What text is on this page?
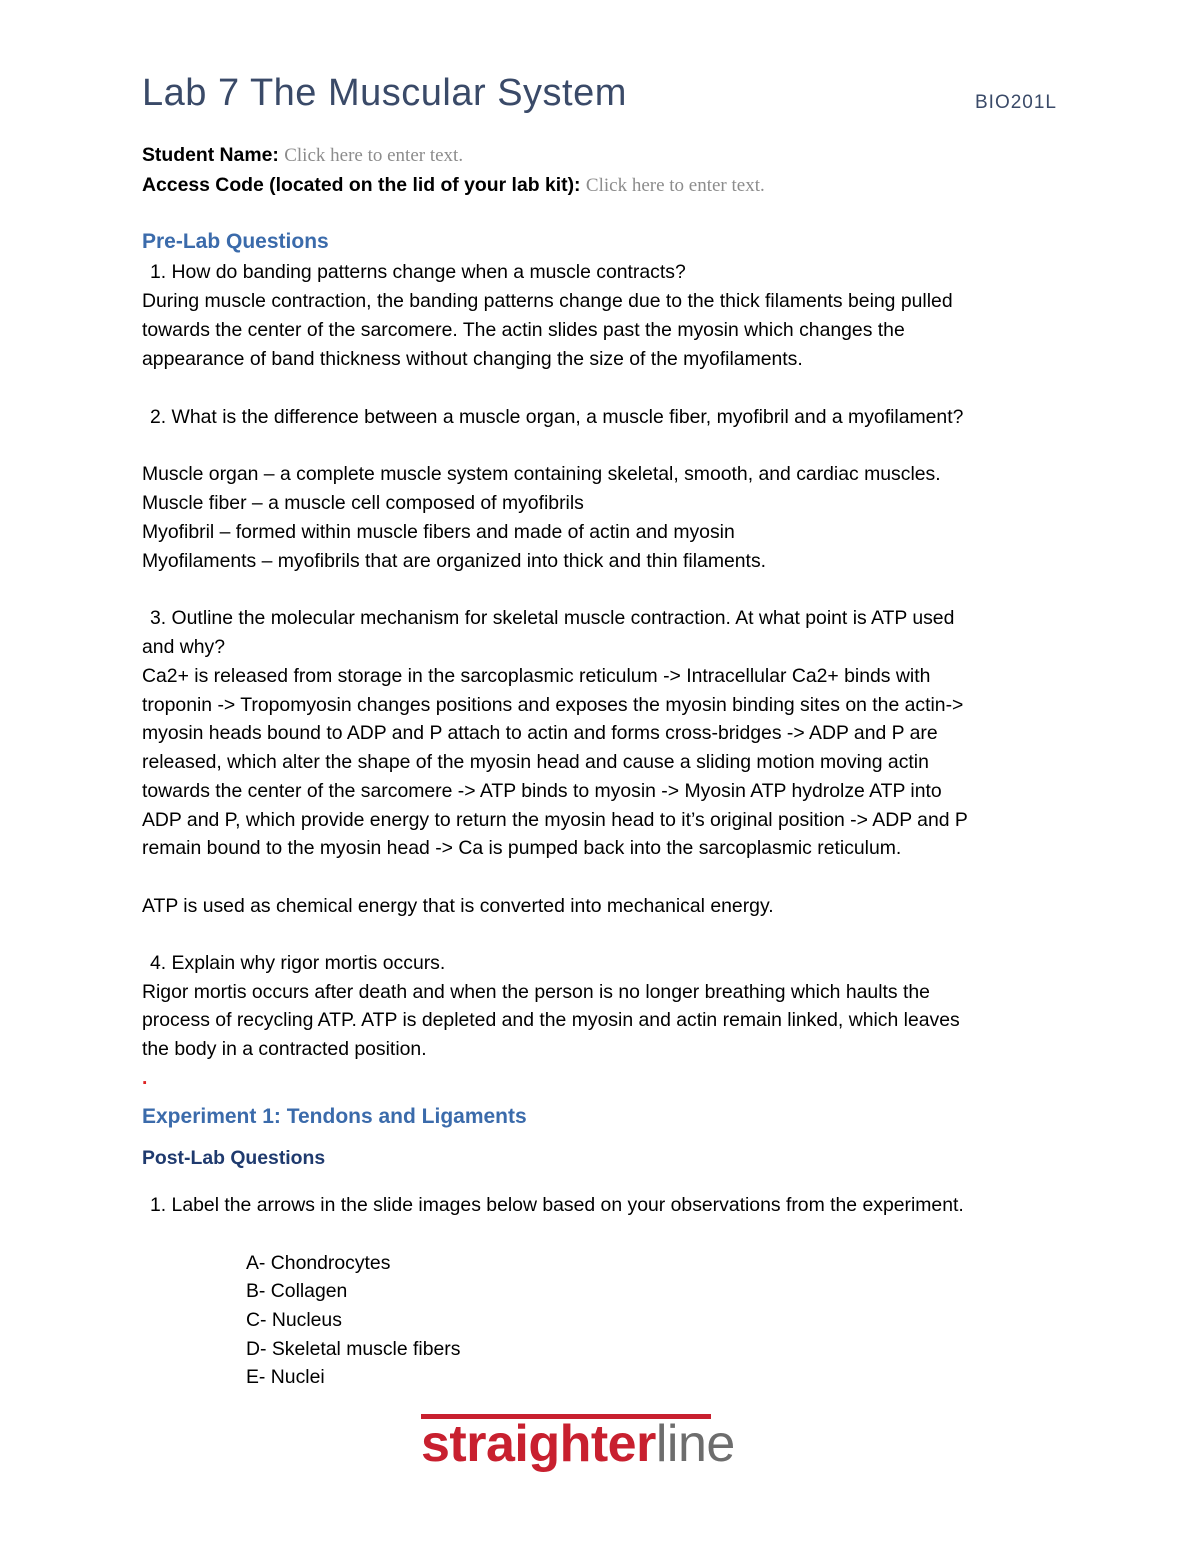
Lab 7 The Muscular System	BIO201L
Student Name: Click here to enter text.
Access Code (located on the lid of your lab kit): Click here to enter text.
Pre-Lab Questions
1. How do banding patterns change when a muscle contracts?
During muscle contraction, the banding patterns change due to the thick filaments being pulled
towards the center of the sarcomere. The actin slides past the myosin which changes the
appearance of band thickness without changing the size of the myofilaments.
2. What is the difference between a muscle organ, a muscle fiber, myofibril and a myofilament?
Muscle organ – a complete muscle system containing skeletal, smooth, and cardiac muscles.
Muscle fiber – a muscle cell composed of myofibrils
Myofibril – formed within muscle fibers and made of actin and myosin
Myofilaments – myofibrils that are organized into thick and thin filaments.
3. Outline the molecular mechanism for skeletal muscle contraction. At what point is ATP used
and why?
Ca2+ is released from storage in the sarcoplasmic reticulum -> Intracellular Ca2+ binds with
troponin -> Tropomyosin changes positions and exposes the myosin binding sites on the actin->
myosin heads bound to ADP and P attach to actin and forms cross-bridges -> ADP and P are
released, which alter the shape of the myosin head and cause a sliding motion moving actin
towards the center of the sarcomere -> ATP binds to myosin -> Myosin ATP hydrolze ATP into
ADP and P, which provide energy to return the myosin head to it’s original position -> ADP and P
remain bound to the myosin head -> Ca is pumped back into the sarcoplasmic reticulum.
ATP is used as chemical energy that is converted into mechanical energy.
4. Explain why rigor mortis occurs.
Rigor mortis occurs after death and when the person is no longer breathing which haults the
process of recycling ATP. ATP is depleted and the myosin and actin remain linked, which leaves
the body in a contracted position.
.
Experiment 1: Tendons and Ligaments
Post-Lab Questions
1. Label the arrows in the slide images below based on your observations from the experiment.
A- Chondrocytes
B- Collagen
C- Nucleus
D- Skeletal muscle fibers
E- Nuclei
straighterline
